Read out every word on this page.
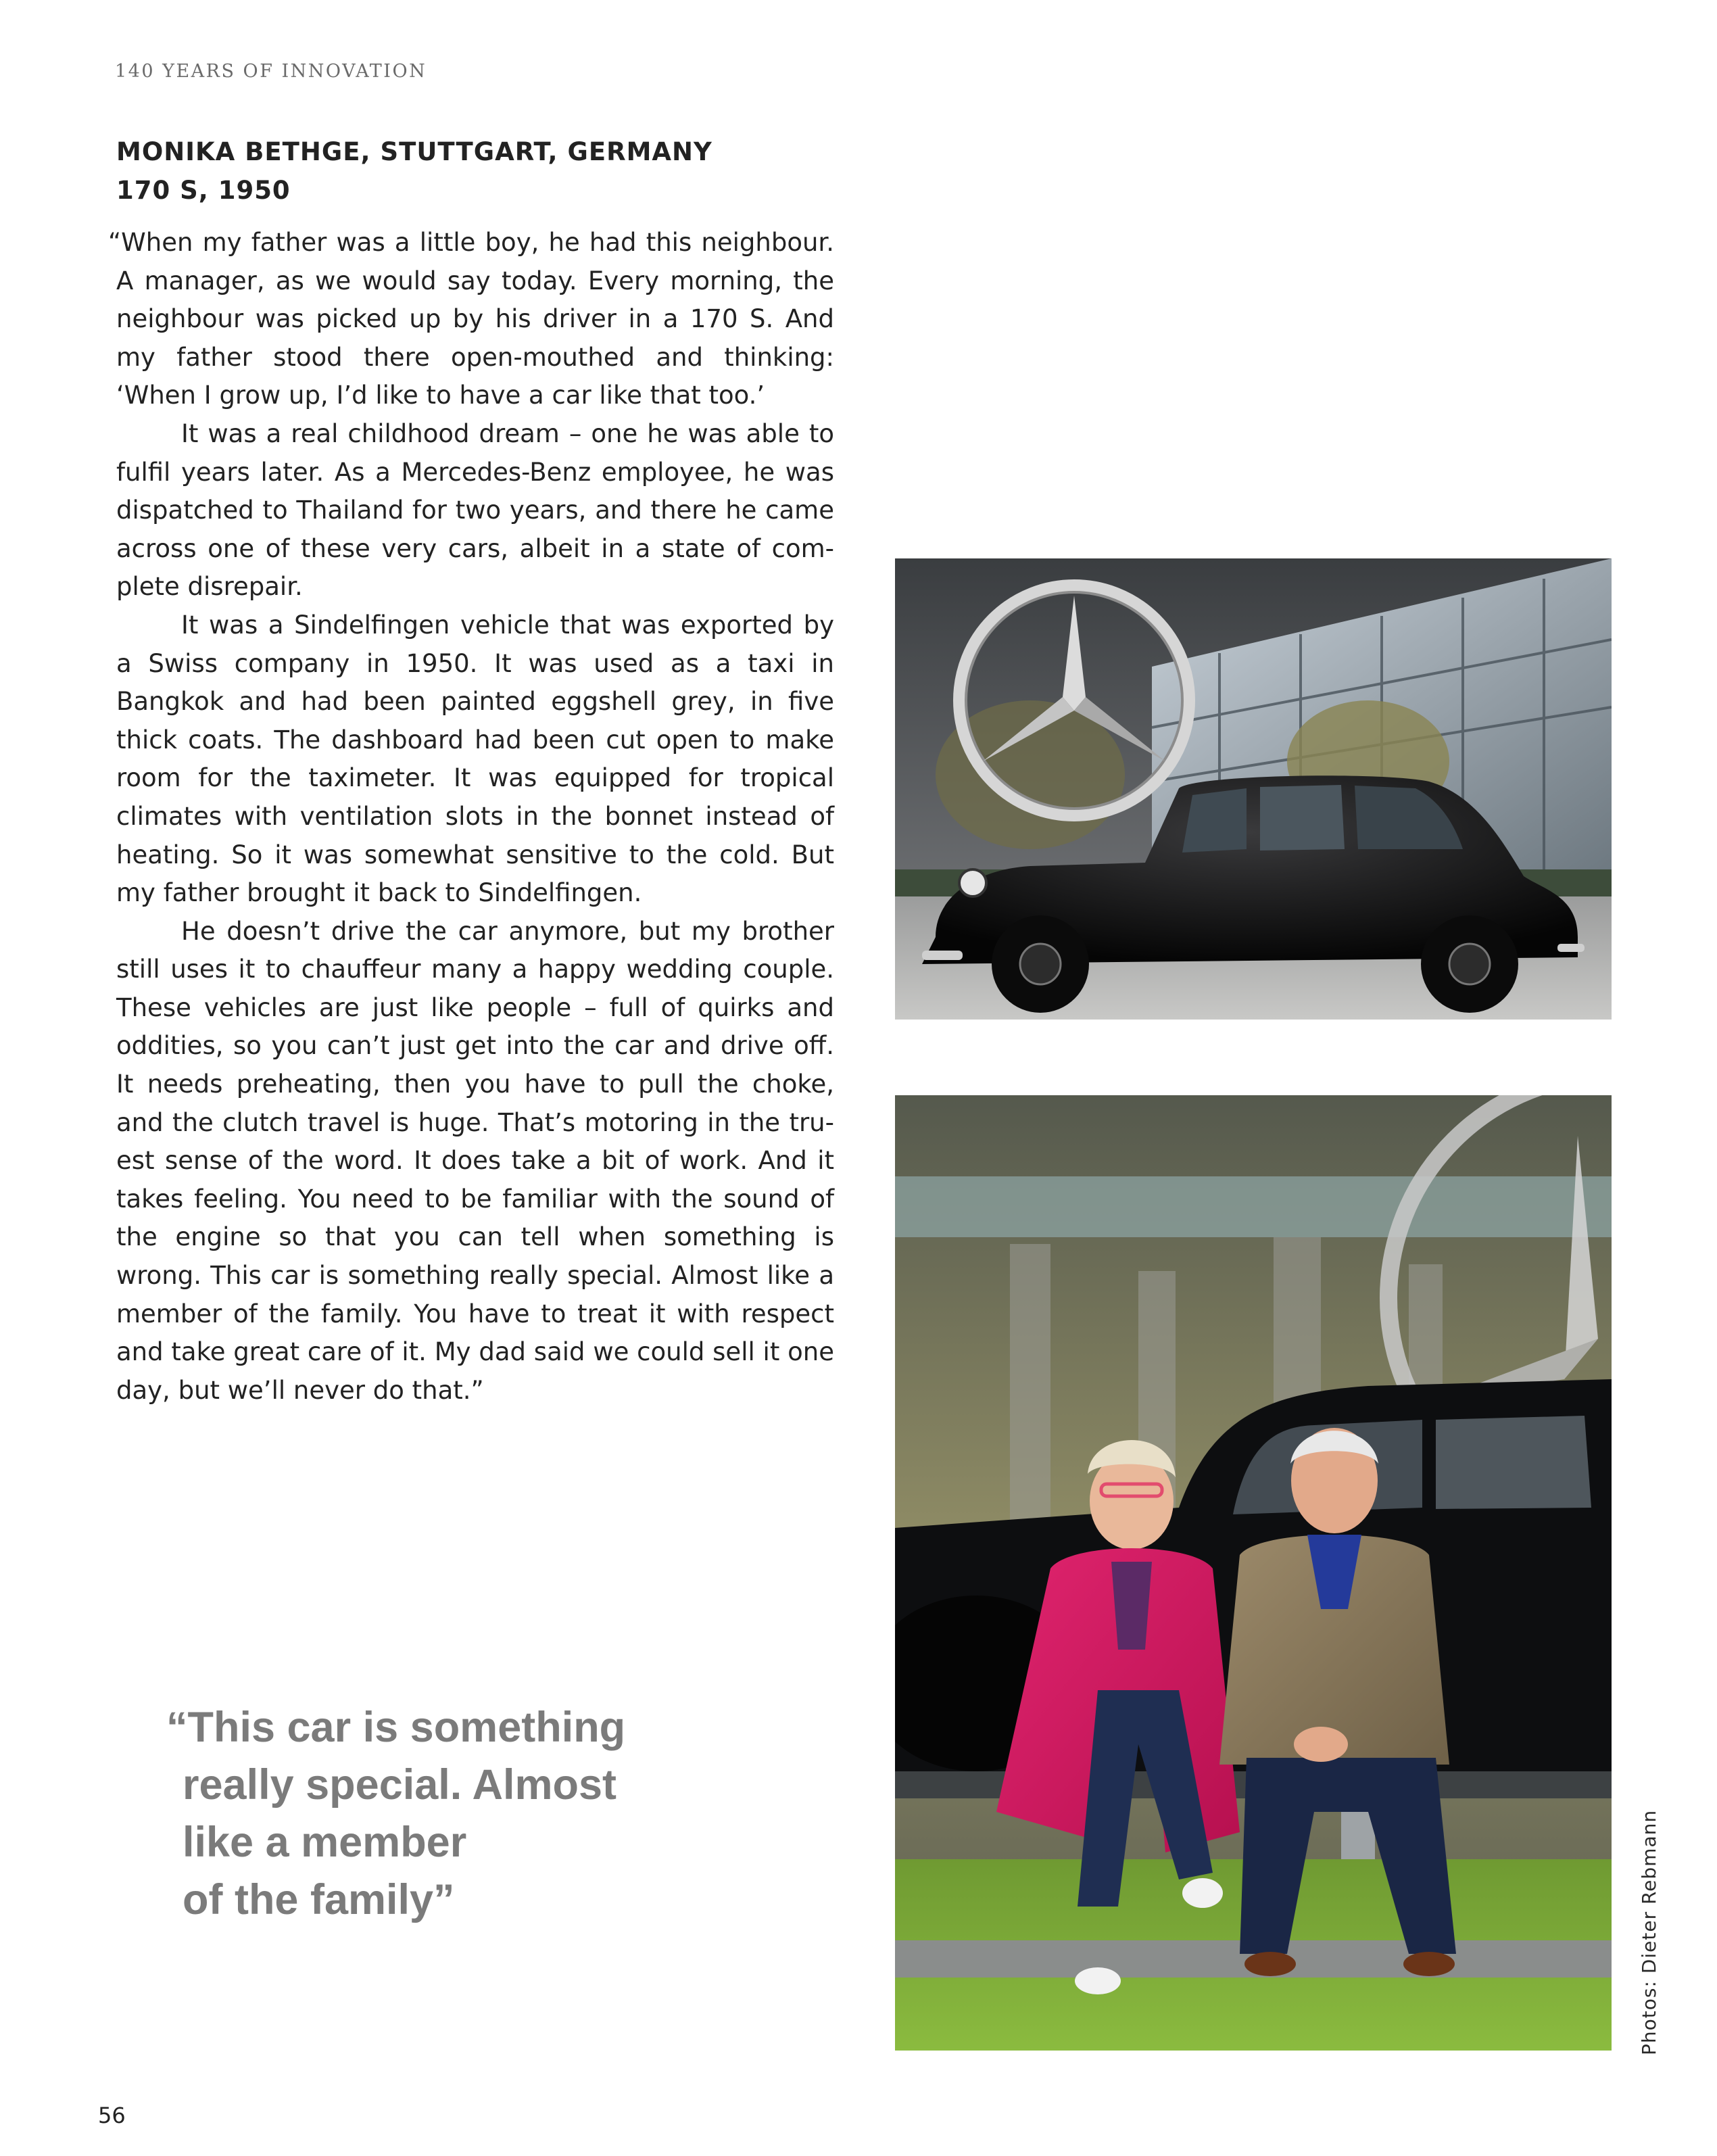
140 YEARS OF INNOVATION
MONIKA BETHGE, STUTTGART, GERMANY
170 S, 1950

“When my father was a little boy, he had this neighbour. A manager, as we would say today. Every morning, the neighbour was picked up by his driver in a 170 S. And my father stood there open-mouthed and thinking: ‘When I grow up, I’d like to have a car like that too.’

It was a real childhood dream – one he was able to fulfil years later. As a Mercedes-Benz employee, he was dispatched to Thailand for two years, and there he came across one of these very cars, albeit in a state of complete disrepair.

It was a Sindelfingen vehicle that was exported by a Swiss company in 1950. It was used as a taxi in Bangkok and had been painted eggshell grey, in five thick coats. The dashboard had been cut open to make room for the taximeter. It was equipped for tropical climates with ventilation slots in the bonnet instead of heating. So it was somewhat sensitive to the cold. But my father brought it back to Sindelfingen.

He doesn’t drive the car anymore, but my brother still uses it to chauffeur many a happy wedding couple. These vehicles are just like people – full of quirks and oddities, so you can’t just get into the car and drive off. It needs preheating, then you have to pull the choke, and the clutch travel is huge. That’s motoring in the truest sense of the word. It does take a bit of work. And it takes feeling. You need to be familiar with the sound of the engine so that you can tell when something is wrong. This car is something really special. Almost like a member of the family. You have to treat it with respect and take great care of it. My dad said we could sell it one day, but we’ll never do that.”

“This car is something
really special. Almost
like a member
of the family”	Photos: Dieter Rebmann
56
